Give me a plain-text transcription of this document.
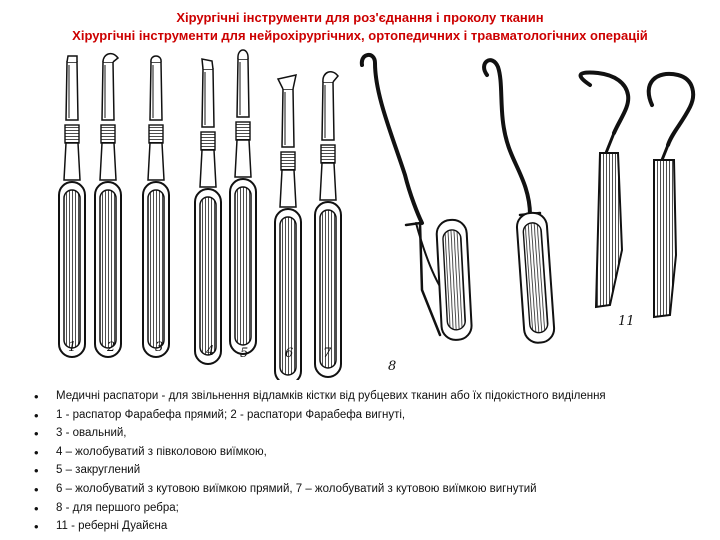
Хірургічні інструменти для роз'єднання і проколу тканин
Хірургічні інструменти для нейрохірургічних, ортопедичних і травматологічних операцій
1 2	3	4 5	6 7
8
11
• Медичні распатори - для звільнення відламків кістки від рубцевих тканин або їх підокістного виділення
• 1 - распатор Фарабефа прямий; 2 - распатори Фарабефа вигнуті,
• 3 - овальний,
• 4 – жолобуватий з півколовою виїмкою,
• 5 – закруглений
• 6 – жолобуватий з кутовою виїмкою прямий, 7 – жолобуватий з кутовою виїмкою вигнутий
• 8 - для першого ребра;
• 11 - реберні Дуайєна
